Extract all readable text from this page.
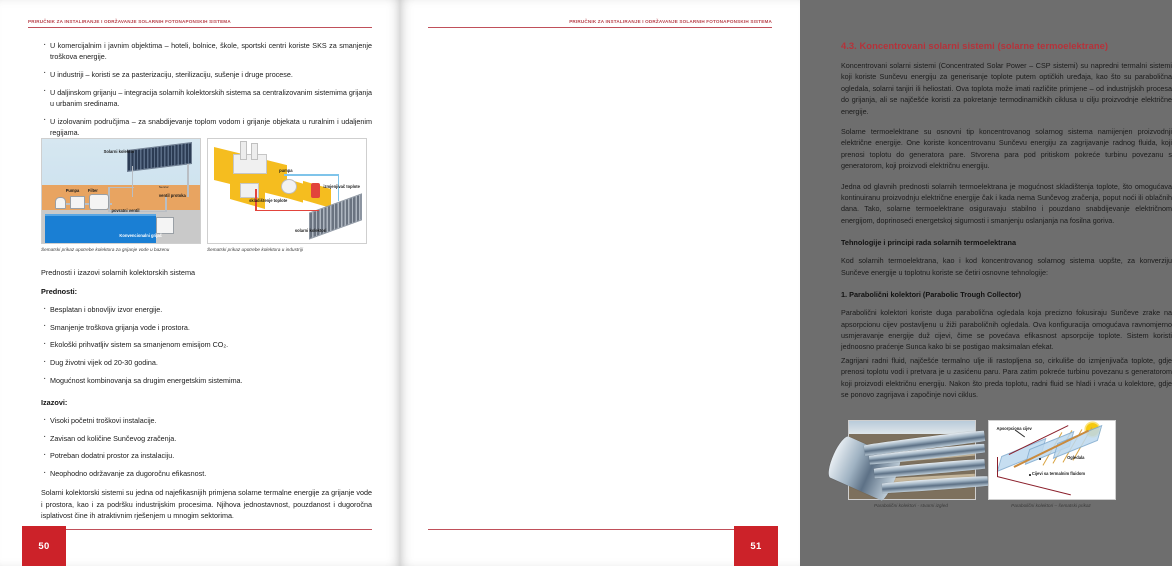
PRIRUČNIK ZA INSTALIRANJE I ODRŽAVANJE SOLARNIH FOTONAPONSKIH SISTEMA
· U komercijalnim i javnim objektima – hoteli, bolnice, škole, sportski centri koriste SKS za smanjenje troškova energije.
· U industriji – koristi se za pasterizaciju, sterilizaciju, sušenje i druge procese.
· U daljinskom grijanju – integracija solarnih kolektorskih sistema sa centralizovanim sistemima grijanja u urbanim sredinama.
· U izolovanim područjima – za snabdijevanje toplom vodom i grijanje objekata u ruralnim i udaljenim regijama.
Solarni kolektor
Pumpa Filter
ventil protoka
povratni ventil
Konvencionalni grijač
Senzor
Šematski prikaz upotrebe kolektora za grijanje vode u bazenu
pumpa
izmjenjivač toplote
skladištenje toplote
solarni kolektori
Šematski prikaz upotrebe kolektora u industriji
Prednosti i izazovi solarnih kolektorskih sistema
Prednosti:
· Besplatan i obnovljiv izvor energije.
· Smanjenje troškova grijanja vode i prostora.
· Ekološki prihvatljiv sistem sa smanjenom emisijom CO₂.
· Dug životni vijek od 20-30 godina.
· Mogućnost kombinovanja sa drugim energetskim sistemima.
Izazovi:
· Visoki početni troškovi instalacije.
· Zavisan od količine Sunčevog zračenja.
· Potreban dodatni prostor za instalaciju.
· Neophodno održavanje za dugoročnu efikasnost.

Solarni kolektorski sistemi su jedna od najefikasnijih primjena solarne termalne energije za grijanje vode i prostora, kao i za podršku industrijskim procesima. Njihova jednostavnost, pouzdanost i dugoročna isplativost čine ih atraktivnim rješenjem u mnogim sektorima.

50
PRIRUČNIK ZA INSTALIRANJE I ODRŽAVANJE SOLARNIH FOTONAPONSKIH SISTEMA
4.3. Koncentrovani solarni sistemi (solarne termoelektrane)

Koncentrovani solarni sistemi (Concentrated Solar Power – CSP sistemi) su napredni termalni sistemi koji koriste Sunčevu energiju za generisanje toplote putem optičkih uređaja, kao što su parabolična ogledala, solarni tanjiri ili heliostati. Ova toplota može imati različite primjene – od industrijskih procesa do grijanja, ali se najčešće koristi za pokretanje termodinamičkih ciklusa u cilju proizvodnje električne energije.

Solarne termoelektrane su osnovni tip koncentrovanog solarnog sistema namijenjen proizvodnji električne energije. One koriste koncentrovanu Sunčevu energiju za zagrijavanje radnog fluida, koji prenosi toplotu do generatora pare. Stvorena para pod pritiskom pokreće turbinu povezanu s generatorom, koji proizvodi električnu energiju.

Jedna od glavnih prednosti solarnih termoelektrana je mogućnost skladištenja toplote, što omogućava kontinuiranu proizvodnju električne energije čak i kada nema Sunčevog zračenja, poput noći ili oblačnih dana. Tako, solarne termoelektrane osiguravaju stabilno i pouzdano snabdijevanje električnom energijom, doprinoseći energetskoj sigurnosti i smanjenju oslanjanja na fosilna goriva.

Tehnologije i principi rada solarnih termoelektrana

Kod solarnih termoelektrana, kao i kod koncentrovanog solarnog sistema uopšte, za konverziju Sunčeve energije u toplotnu koriste se četiri osnovne tehnologije:

1. Parabolični kolektori (Parabolic Trough Collector)

Parabolični kolektori koriste duga parabolična ogledala koja precizno fokusiraju Sunčeve zrake na apsorpcionu cijev postavljenu u žiži paraboličnih ogledala. Ova konfiguracija omogućava ravnomjerno usmjeravanje energije duž cijevi, čime se povećava efikasnost apsorpcije toplote. Sistem koristi jednoosno praćenje Sunca kako bi se postigao maksimalan efekat.

Zagrijani radni fluid, najčešće termalno ulje ili rastopljena so, cirkuliše do izmjenjivača toplote, gdje prenosi toplotu vodi i pretvara je u zasićenu paru. Para zatim pokreće turbinu povezanu s generatorom koji proizvodi električnu energiju. Nakon što preda toplotu, radni fluid se hladi i vraća u kolektore, gdje se ponovo zagrijava i započinje novi ciklus.

Parabolični kolektori - stvarni izgled
Apsorpciona cijev
Ogledala
Cijevi sa termalnim fluidom
Parabolični kolektori – šematski prikaz
51
